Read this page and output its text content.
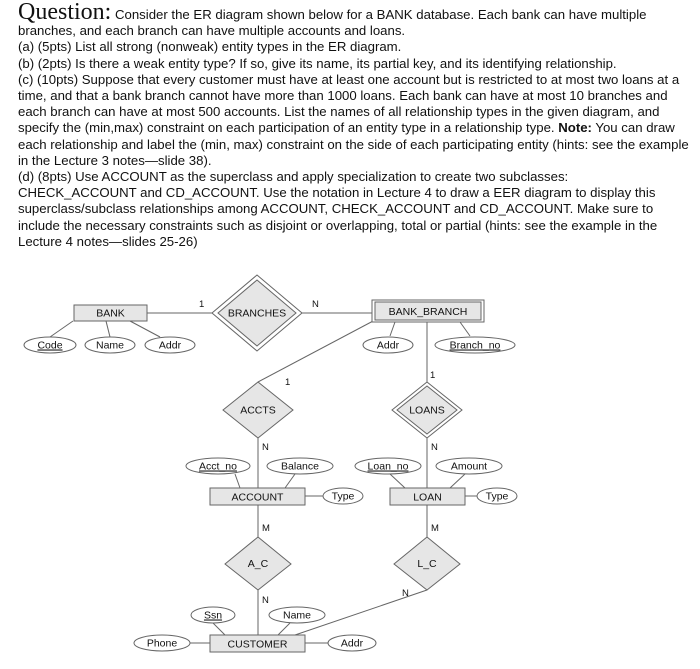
Question: Consider the ER diagram shown below for a BANK database. Each bank can have multiple branches, and each branch can have multiple accounts and loans.

(a) (5pts) List all strong (nonweak) entity types in the ER diagram.

(b) (2pts) Is there a weak entity type? If so, give its name, its partial key, and its identifying relationship.

(c) (10pts) Suppose that every customer must have at least one account but is restricted to at most two loans at a time, and that a bank branch cannot have more than 1000 loans. Each bank can have at most 10 branches and each branch can have at most 500 accounts. List the names of all relationship types in the given diagram, and specify the (min,max) constraint on each participation of an entity type in a relationship type. Note: You can draw each relationship and label the (min, max) constraint on the side of each participating entity (hints: see the example in the Lecture 3 notes—slide 38).

(d) (8pts) Use ACCOUNT as the superclass and apply specialization to create two subclasses: CHECK_ACCOUNT and CD_ACCOUNT. Use the notation in Lecture 4 to draw a EER diagram to display this superclass/subclass relationships among ACCOUNT, CHECK_ACCOUNT and CD_ACCOUNT. Make sure to include the necessary constraints such as disjoint or overlapping, total or partial (hints: see the example in the Lecture 4 notes—slides 25-26)

BANK	BANK_BRANCH
ACCOUNT	LOAN
CUSTOMER
BRANCHES
ACCTS	LOANS
A_C	L_C
Code	Name	Addr	Addr	Branch_no
Acct_no	Balance
Type
Loan_no	Amount
Type
Ssn	Name
Phone	Addr
1	N
1
N
1
N
M
N
M
N
